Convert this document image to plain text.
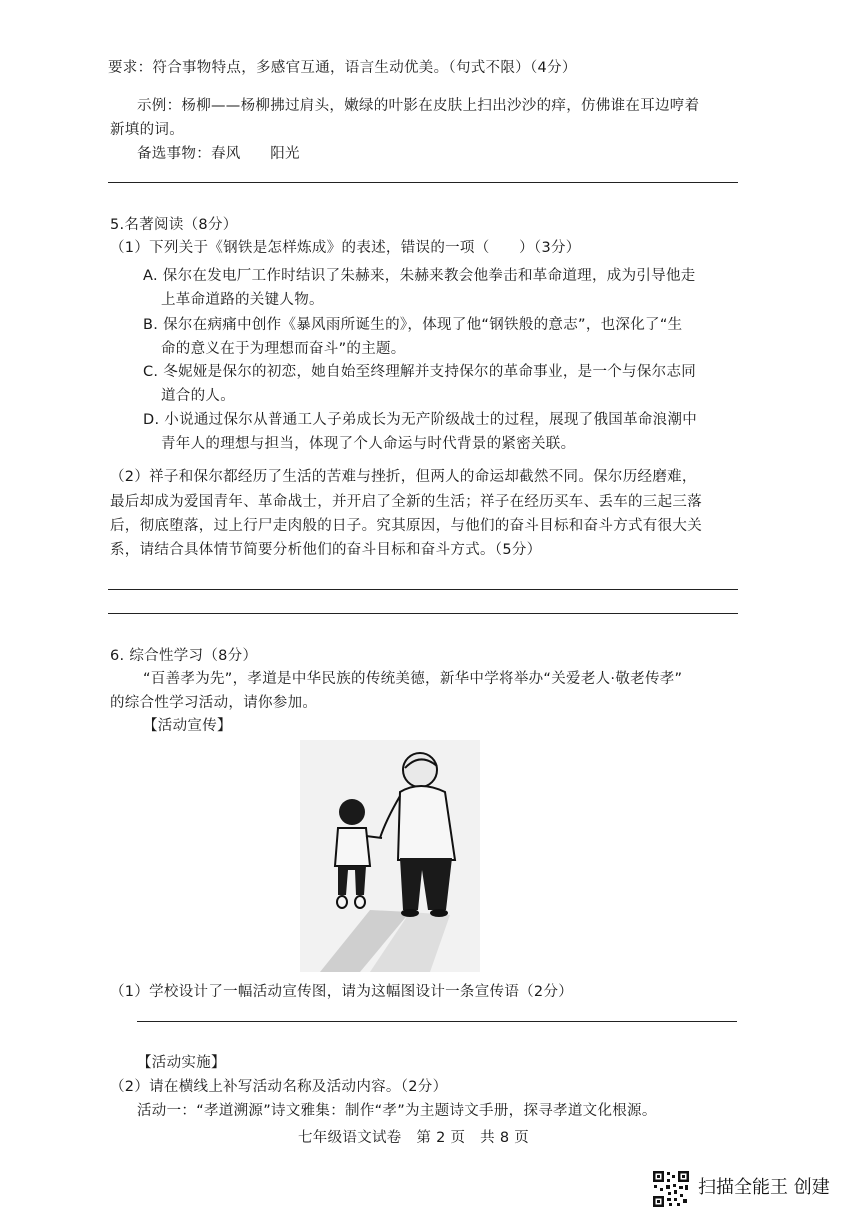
要求：符合事物特点，多感官互通，语言生动优美。（句式不限）（4分）
示例：杨柳——杨柳拂过肩头，嫩绿的叶影在皮肤上扫出沙沙的痒，仿佛谁在耳边哼着
新填的词。
备选事物：春风　　阳光
5.名著阅读（8分）
（1）下列关于《钢铁是怎样炼成》的表述，错误的一项（　　）（3分）
A. 保尔在发电厂工作时结识了朱赫来，朱赫来教会他拳击和革命道理，成为引导他走
上革命道路的关键人物。
B. 保尔在病痛中创作《暴风雨所诞生的》，体现了他“钢铁般的意志”，也深化了“生
命的意义在于为理想而奋斗”的主题。
C. 冬妮娅是保尔的初恋，她自始至终理解并支持保尔的革命事业，是一个与保尔志同
道合的人。
D. 小说通过保尔从普通工人子弟成长为无产阶级战士的过程，展现了俄国革命浪潮中
青年人的理想与担当，体现了个人命运与时代背景的紧密关联。
（2）祥子和保尔都经历了生活的苦难与挫折，但两人的命运却截然不同。保尔历经磨难，
最后却成为爱国青年、革命战士，并开启了全新的生活；祥子在经历买车、丢车的三起三落
后，彻底堕落，过上行尸走肉般的日子。究其原因，与他们的奋斗目标和奋斗方式有很大关
系，请结合具体情节简要分析他们的奋斗目标和奋斗方式。（5分）
6. 综合性学习（8分）
“百善孝为先”，孝道是中华民族的传统美德，新华中学将举办“关爱老人·敬老传孝”
的综合性学习活动，请你参加。
【活动宣传】
（1）学校设计了一幅活动宣传图，请为这幅图设计一条宣传语（2分）
【活动实施】
（2）请在横线上补写活动名称及活动内容。（2分）
活动一：“孝道溯源”诗文雅集：制作“孝”为主题诗文手册，探寻孝道文化根源。
七年级语文试卷　第 2 页　共 8 页
扫描全能王 创建
